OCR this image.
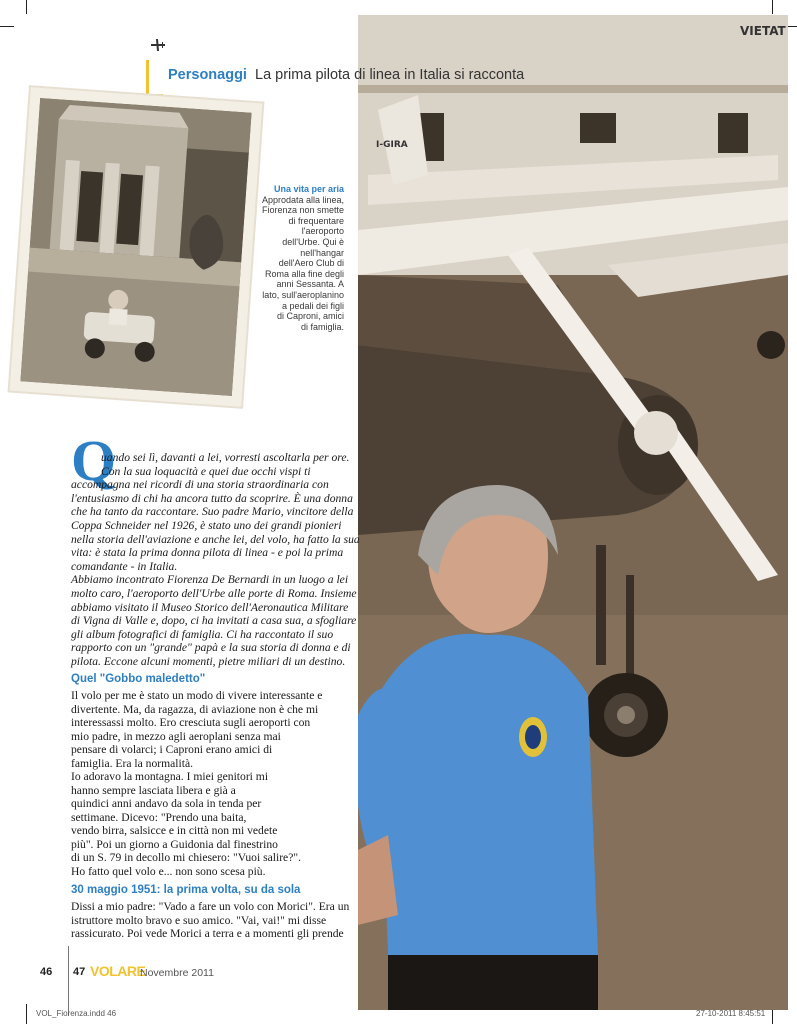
I-GIRA
VIETAT
Personaggi La prima pilota di linea in Italia si racconta
Una vita per aria
Approdata alla linea,
Fiorenza non smette
di frequentare
l'aeroporto
dell'Urbe. Qui è
nell'hangar
dell'Aero Club di
Roma alla fine degli
anni Sessanta. A
lato, sull'aeroplanino
a pedali dei figli
di Caproni, amici
di famiglia.
Q

uando sei lì, davanti a lei, vorresti ascoltarla per ore.

Con la sua loquacità e quei due occhi vispi ti

accompagna nei ricordi di una storia straordinaria con

l'entusiasmo di chi ha ancora tutto da scoprire. È una donna

che ha tanto da raccontare. Suo padre Mario, vincitore della

Coppa Schneider nel 1926, è stato uno dei grandi pionieri

nella storia dell'aviazione e anche lei, del volo, ha fatto la sua

vita: è stata la prima donna pilota di linea - e poi la prima

comandante - in Italia.

Abbiamo incontrato Fiorenza De Bernardi in un luogo a lei

molto caro, l'aeroporto dell'Urbe alle porte di Roma. Insieme

abbiamo visitato il Museo Storico dell'Aeronautica Militare

di Vigna di Valle e, dopo, ci ha invitati a casa sua, a sfogliare

gli album fotografici di famiglia. Ci ha raccontato il suo

rapporto con un "grande" papà e la sua storia di donna e di

pilota. Eccone alcuni momenti, pietre miliari di un destino.

Quel "Gobbo maledetto"

Il volo per me è stato un modo di vivere interessante e

divertente. Ma, da ragazza, di aviazione non è che mi

interessassi molto. Ero cresciuta sugli aeroporti con

mio padre, in mezzo agli aeroplani senza mai

pensare di volarci; i Caproni erano amici di

famiglia. Era la normalità.

Io adoravo la montagna. I miei genitori mi

hanno sempre lasciata libera e già a

quindici anni andavo da sola in tenda per

settimane. Dicevo: "Prendo una baita,

vendo birra, salsicce e in città non mi vedete

più". Poi un giorno a Guidonia dal finestrino

di un S. 79 in decollo mi chiesero: "Vuoi salire?".

Ho fatto quel volo e... non sono scesa più.

30 maggio 1951: la prima volta, su da sola

Dissi a mio padre: "Vado a fare un volo con Morici". Era un

istruttore molto bravo e suo amico. "Vai, vai!" mi disse

rassicurato. Poi vede Morici a terra e a momenti gli prende

46 47 VOLARE
Novembre 2011
VOL_Fiorenza.indd 46	27-10-2011 8:45:51
